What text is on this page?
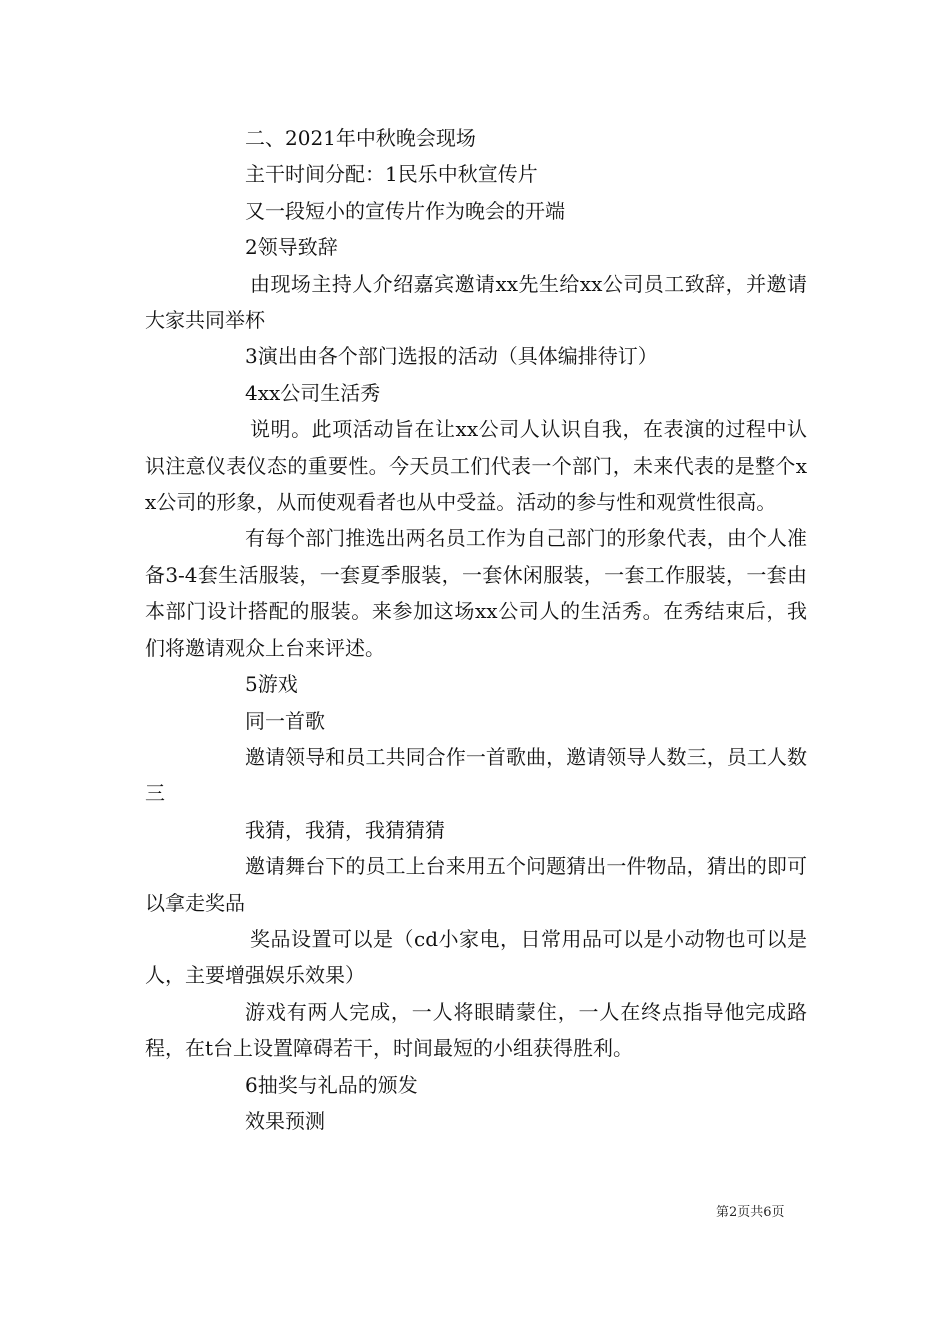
二、2021年中秋晚会现场

主干时间分配：1民乐中秋宣传片

又一段短小的宣传片作为晚会的开端

2领导致辞

由现场主持人介绍嘉宾邀请xx先生给xx公司员工致辞，并邀请大家共同举杯

3演出由各个部门选报的活动（具体编排待订）

4xx公司生活秀

说明。此项活动旨在让xx公司人认识自我，在表演的过程中认识注意仪表仪态的重要性。今天员工们代表一个部门，未来代表的是整个xx公司的形象，从而使观看者也从中受益。活动的参与性和观赏性很高。

有每个部门推选出两名员工作为自己部门的形象代表，由个人准备3-4套生活服装，一套夏季服装，一套休闲服装，一套工作服装，一套由本部门设计搭配的服装。来参加这场xx公司人的生活秀。在秀结束后，我们将邀请观众上台来评述。

5游戏

同一首歌

邀请领导和员工共同合作一首歌曲，邀请领导人数三，员工人数三

我猜，我猜，我猜猜猜

邀请舞台下的员工上台来用五个问题猜出一件物品，猜出的即可以拿走奖品

奖品设置可以是（cd小家电，日常用品可以是小动物也可以是人，主要增强娱乐效果）

游戏有两人完成，一人将眼睛蒙住，一人在终点指导他完成路程，在t台上设置障碍若干，时间最短的小组获得胜利。

6抽奖与礼品的颁发

效果预测

第2页共6页
